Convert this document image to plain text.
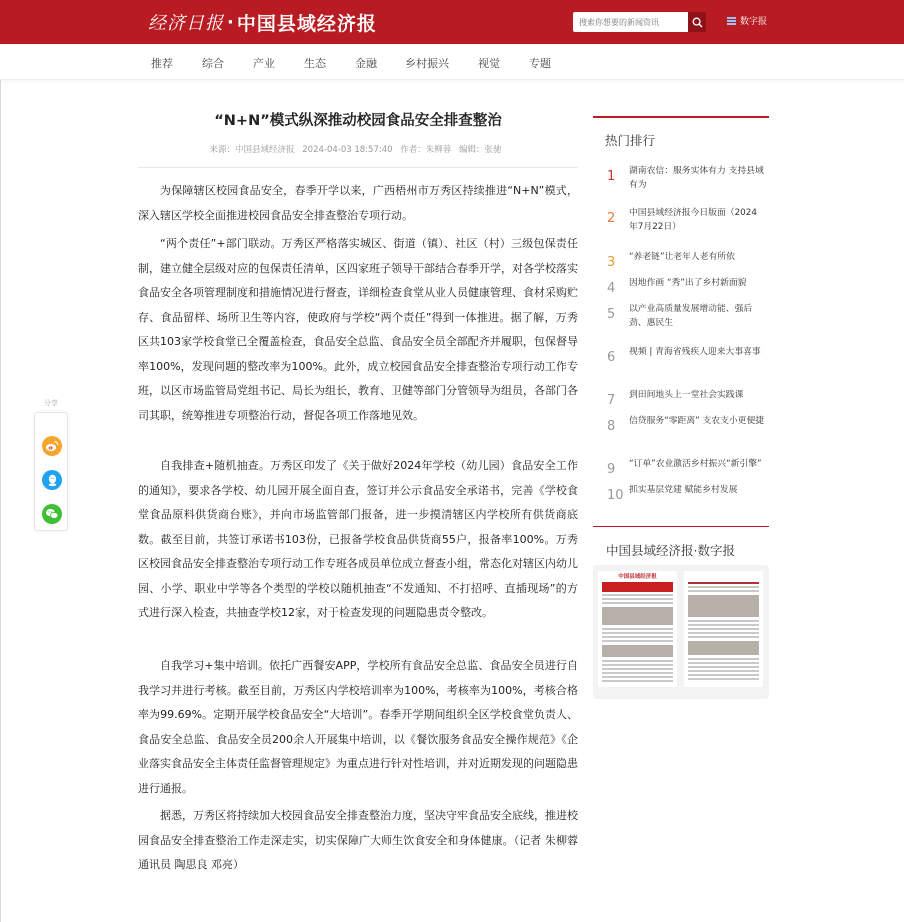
经济日报 · 中国县域经济报
搜索你想要的新闻资讯	数字报
推荐	综合	产业	生态	金融	乡村振兴	视觉	专题
分享
“N+N”模式纵深推动校园食品安全排查整治
来源：中国县域经济报 2024-04-03 18:57:40 作者：朱柳蓉 编辑：张驰

为保障辖区校园食品安全，春季开学以来，广西梧州市万秀区持续推进“N+N”模式，深入辖区学校全面推进校园食品安全排查整治专项行动。

“两个责任”+部门联动。万秀区严格落实城区、街道（镇）、社区（村）三级包保责任制，建立健全层级对应的包保责任清单，区四家班子领导干部结合春季开学，对各学校落实食品安全各项管理制度和措施情况进行督查，详细检查食堂从业人员健康管理、食材采购贮存、食品留样、场所卫生等内容，使政府与学校“两个责任”得到一体推进。据了解，万秀区共103家学校食堂已全覆盖检查，食品安全总监、食品安全员全部配齐并履职，包保督导率100%，发现问题的整改率为100%。此外，成立校园食品安全排查整治专项行动工作专班，以区市场监管局党组书记、局长为组长，教育、卫健等部门分管领导为组员，各部门各司其职，统筹推进专项整治行动，督促各项工作落地见效。

自我排查+随机抽查。万秀区印发了《关于做好2024年学校（幼儿园）食品安全工作的通知》，要求各学校、幼儿园开展全面自查，签订并公示食品安全承诺书，完善《学校食堂食品原料供货商台账》，并向市场监管部门报备，进一步摸清辖区内学校所有供货商底数。截至目前，共签订承诺书103份，已报备学校食品供货商55户，报备率100%。万秀区校园食品安全排查整治专项行动工作专班各成员单位成立督查小组，常态化对辖区内幼儿园、小学、职业中学等各个类型的学校以随机抽查“不发通知、不打招呼、直插现场”的方式进行深入检查，共抽查学校12家，对于检查发现的问题隐患责令整改。

自我学习+集中培训。依托广西餐安APP，学校所有食品安全总监、食品安全员进行自我学习并进行考核。截至目前，万秀区内学校培训率为100%，考核率为100%，考核合格率为99.69%。定期开展学校食品安全“大培训”。春季开学期间组织全区学校食堂负责人、食品安全总监、食品安全员200余人开展集中培训，以《餐饮服务食品安全操作规范》《企业落实食品安全主体责任监督管理规定》为重点进行针对性培训，并对近期发现的问题隐患进行通报。

据悉，万秀区将持续加大校园食品安全排查整治力度，坚决守牢食品安全底线，推进校园食品安全排查整治工作走深走实，切实保障广大师生饮食安全和身体健康。（记者 朱柳蓉 通讯员 陶思良 邓亮）

热门排行
1	湖南农信：服务实体有力 支持县域有为
2	中国县域经济报今日版面（2024年7月22日）
3	“养老链”让老年人老有所依
4	因地作画 “秀”出了乡村新面貌
5	以产业高质量发展增动能、强后劲、惠民生
6	视频 | 青海省残疾人迎来大事喜事
7	到田间地头上一堂社会实践课
8	信贷服务“零距离” 支农支小更便捷
9	“订单”农业激活乡村振兴“新引擎”
10 抓实基层党建 赋能乡村发展
中国县域经济报·数字报
中国县域经济报
